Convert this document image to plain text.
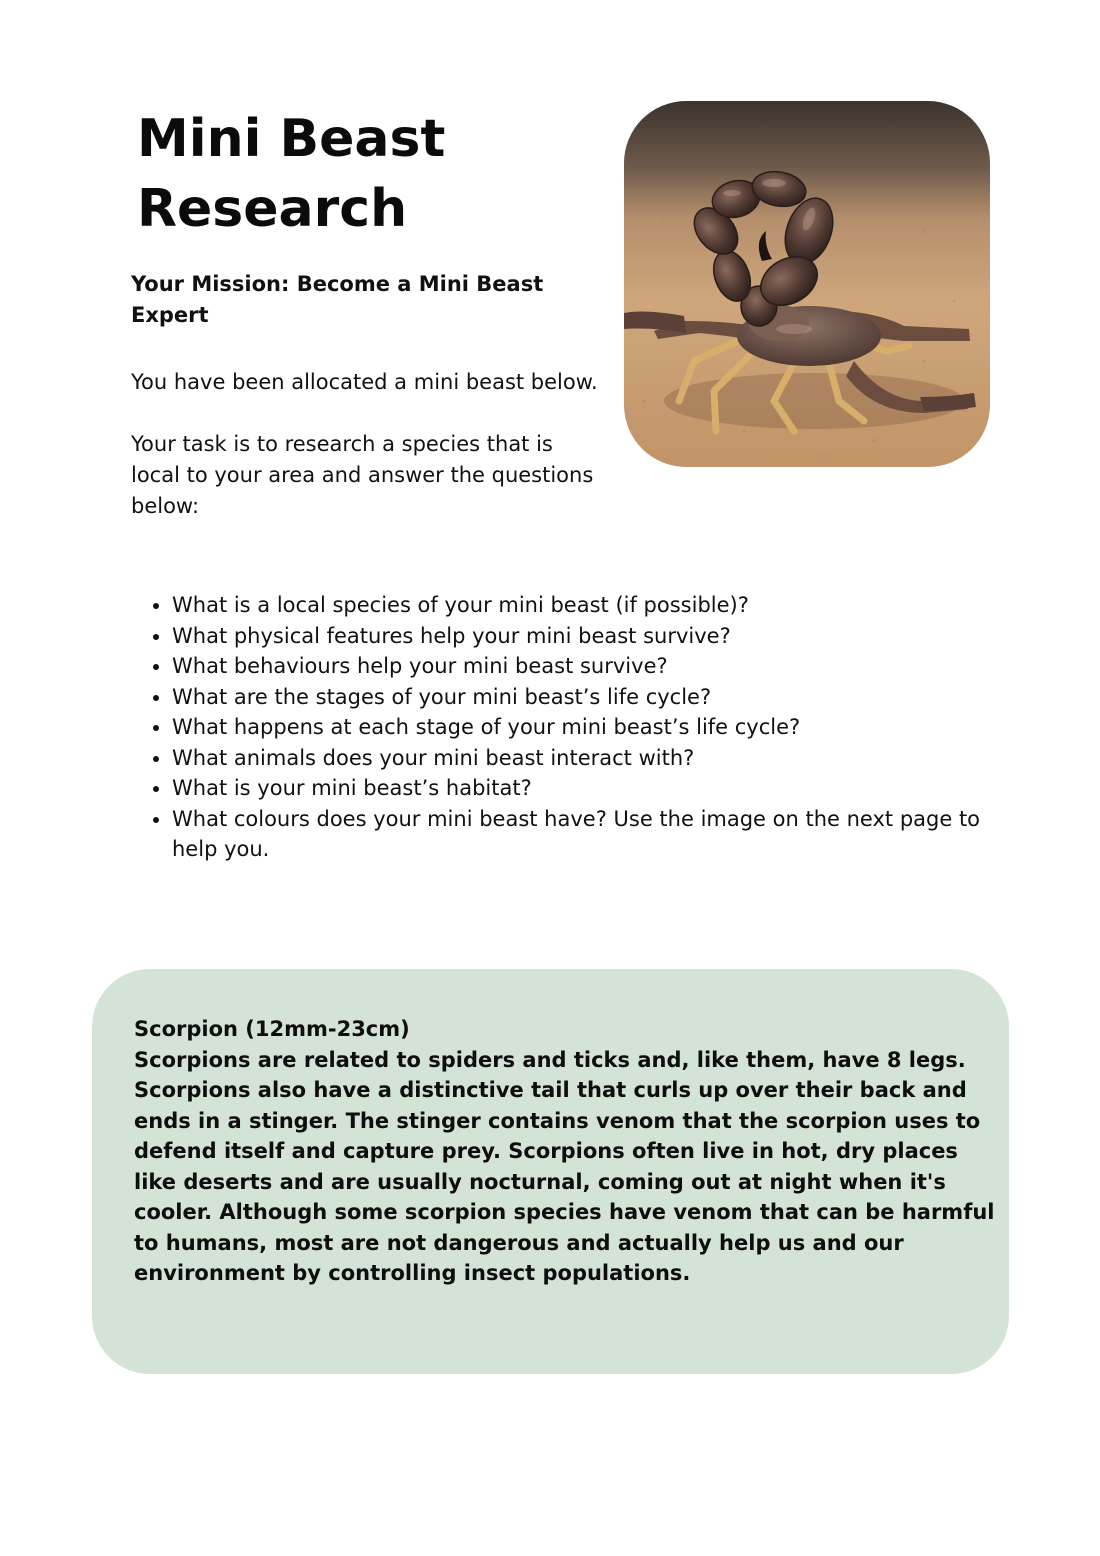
Mini Beast Research
Your Mission: Become a Mini Beast Expert

You have been allocated a mini beast below.

Your task is to research a species that is local to your area and answer the questions below:

• What is a local species of your mini beast (if possible)?
• What physical features help your mini beast survive?
• What behaviours help your mini beast survive?
• What are the stages of your mini beast’s life cycle?
• What happens at each stage of your mini beast’s life cycle?
• What animals does your mini beast interact with?
• What is your mini beast’s habitat?
• What colours does your mini beast have? Use the image on the next page to help you.
Scorpion (12mm-23cm)
Scorpions are related to spiders and ticks and, like them, have 8 legs. Scorpions also have a distinctive tail that curls up over their back and ends in a stinger. The stinger contains venom that the scorpion uses to defend itself and capture prey. Scorpions often live in hot, dry places like deserts and are usually nocturnal, coming out at night when it's cooler. Although some scorpion species have venom that can be harmful to humans, most are not dangerous and actually help us and our environment by controlling insect populations.
